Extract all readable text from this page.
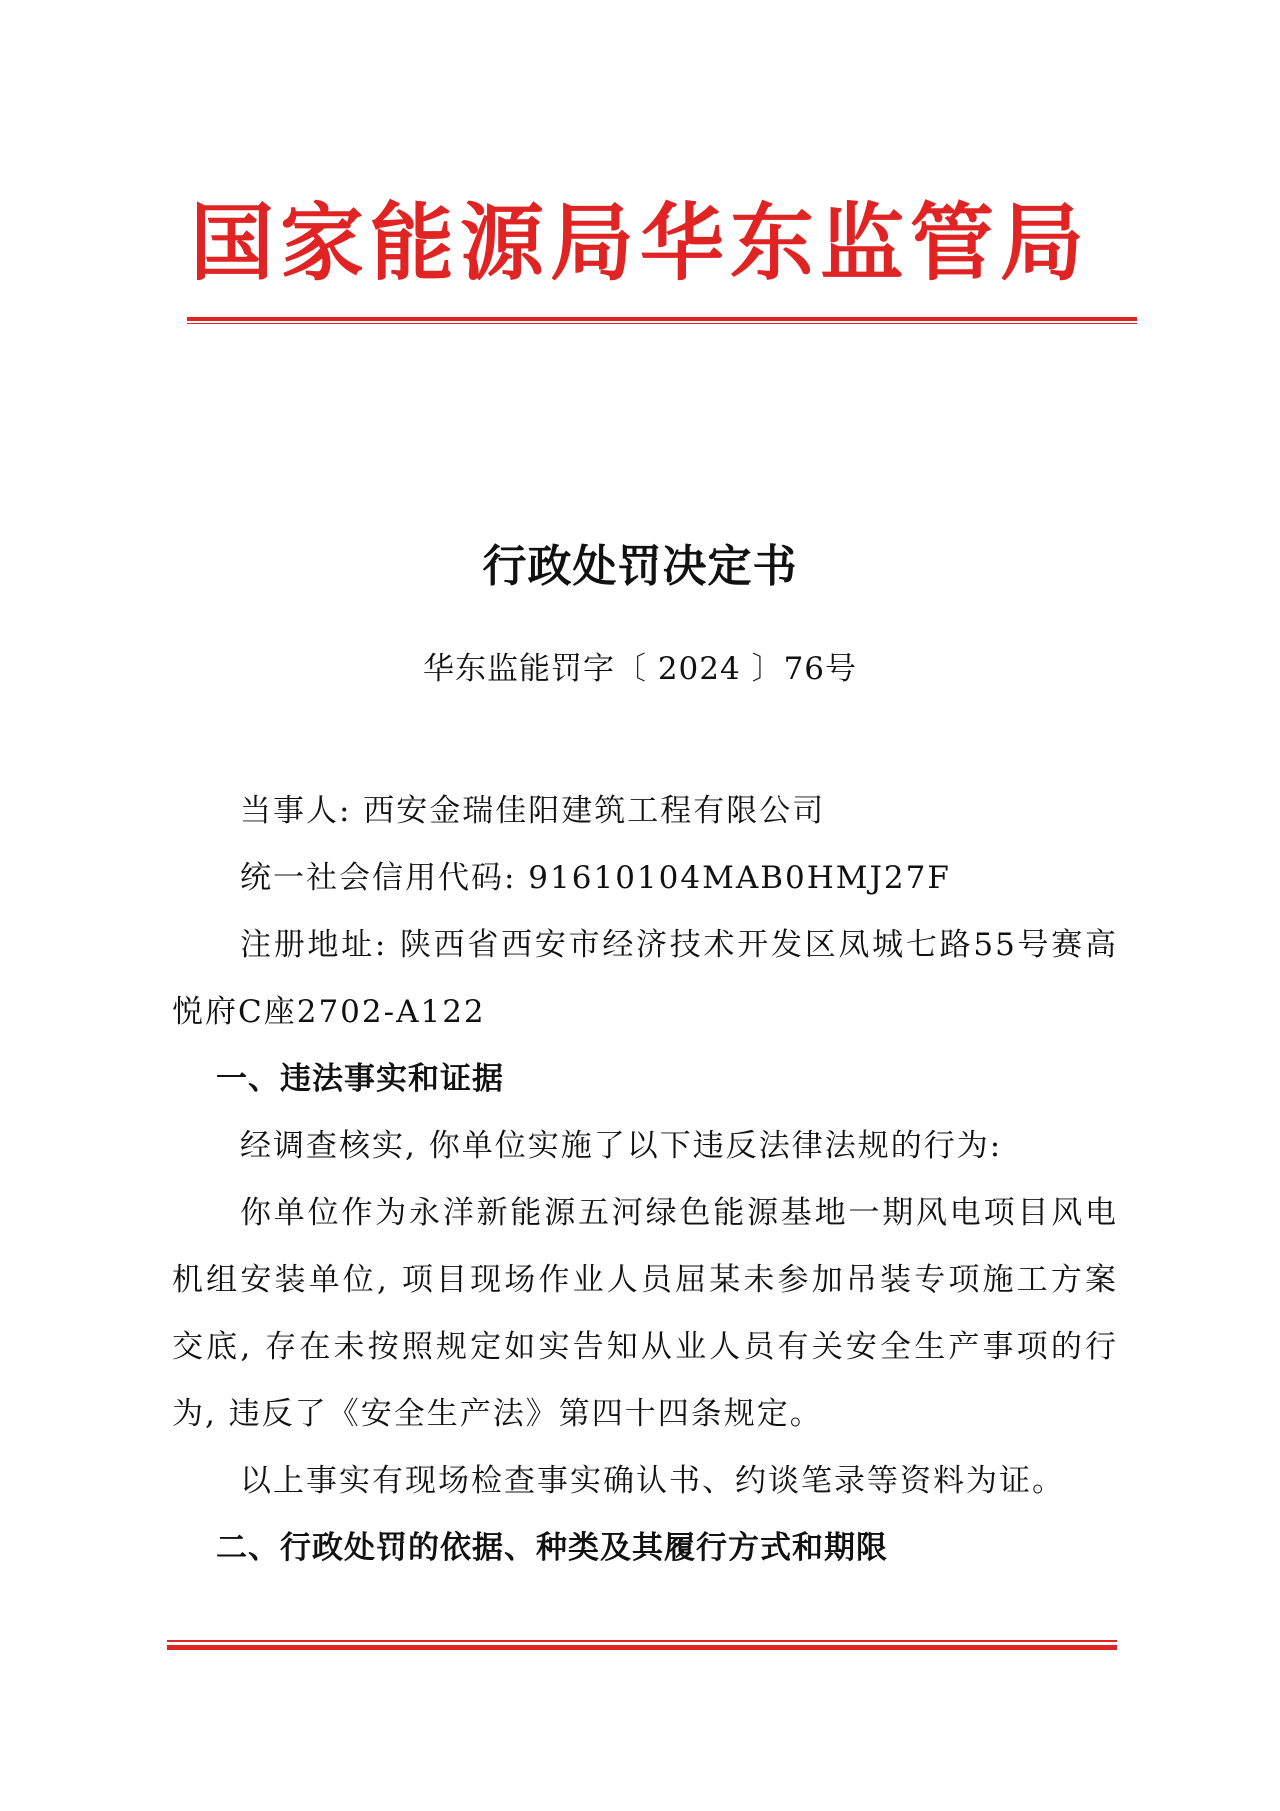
国家能源局华东监管局
行政处罚决定书
华东监能罚字〔 2024 〕76号

当事人: 西安金瑞佳阳建筑工程有限公司

统一社会信用代码: 91610104MAB0HMJ27F

注册地址: 陕西省西安市经济技术开发区凤城七路55号赛高悦府C座2702-A122

一、违法事实和证据

经调查核实, 你单位实施了以下违反法律法规的行为:

你单位作为永洋新能源五河绿色能源基地一期风电项目风电机组安装单位, 项目现场作业人员屈某未参加吊装专项施工方案交底, 存在未按照规定如实告知从业人员有关安全生产事项的行为, 违反了《安全生产法》第四十四条规定。

以上事实有现场检查事实确认书、约谈笔录等资料为证。

二、行政处罚的依据、种类及其履行方式和期限
